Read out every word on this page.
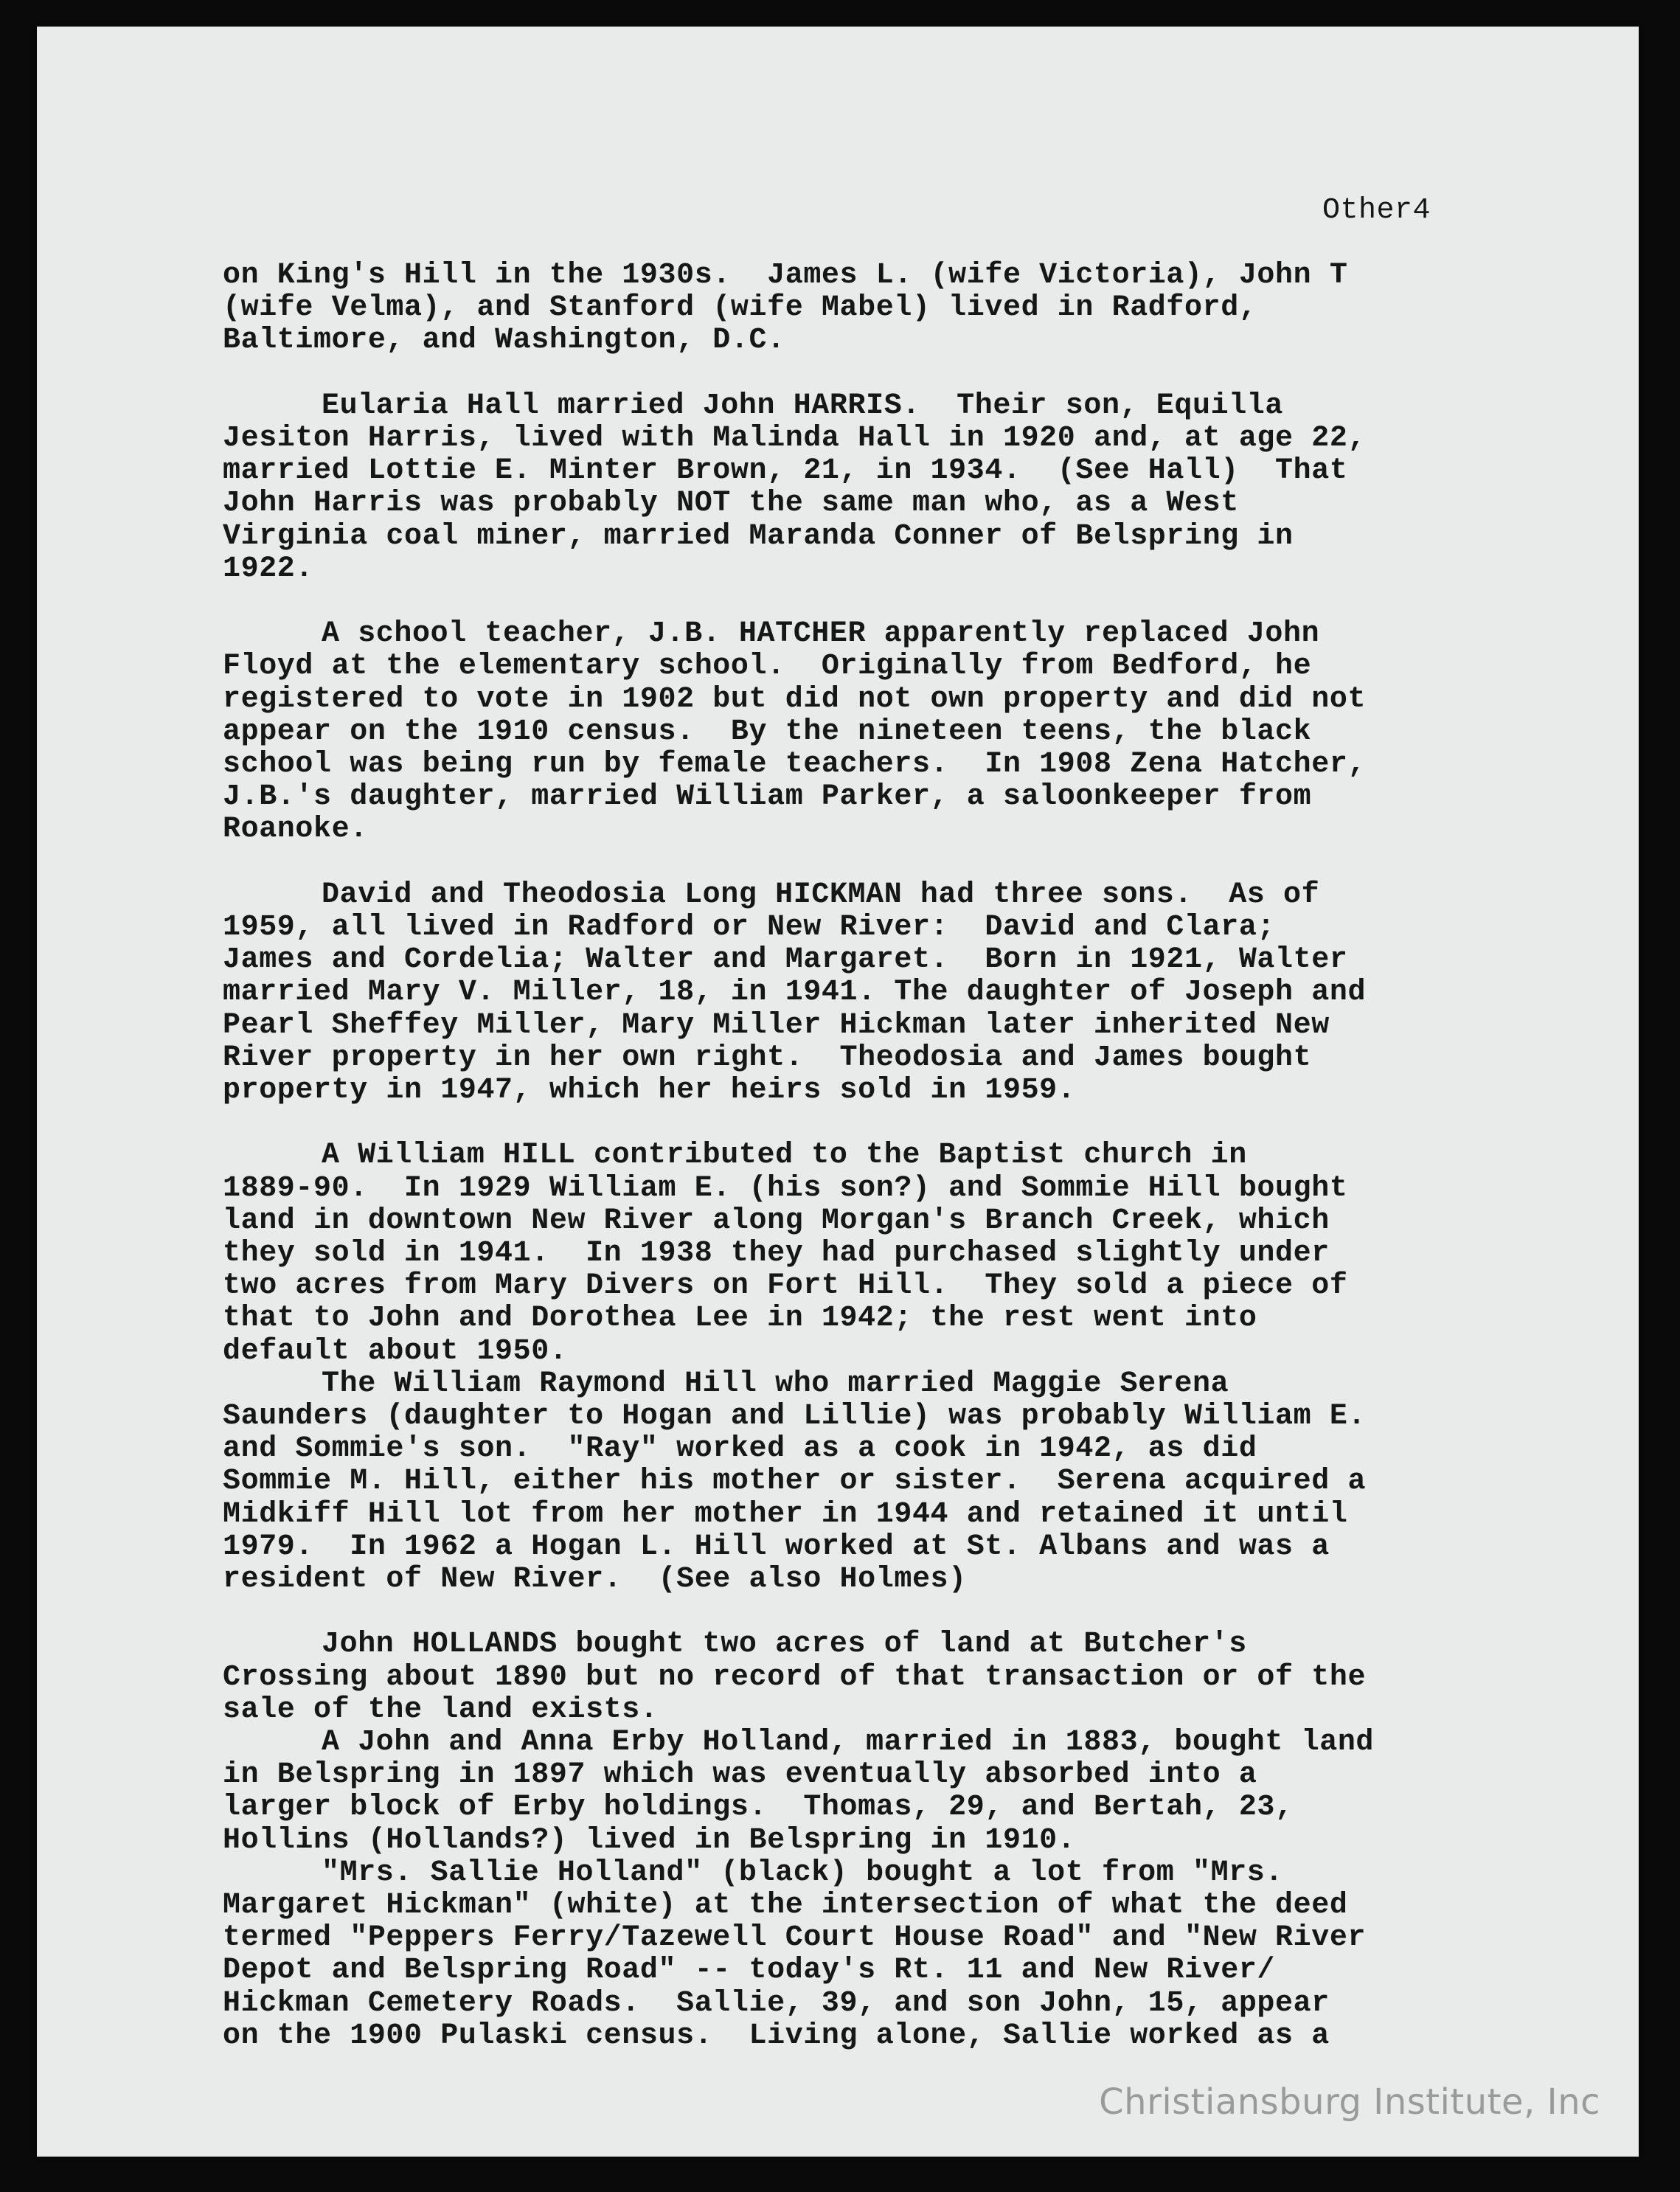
Other4
on King's Hill in the 1930s.  James L. (wife Victoria), John T
(wife Velma), and Stanford (wife Mabel) lived in Radford,
Baltimore, and Washington, D.C.
Eularia Hall married John HARRIS.  Their son, Equilla
Jesiton Harris, lived with Malinda Hall in 1920 and, at age 22,
married Lottie E. Minter Brown, 21, in 1934.  (See Hall)  That
John Harris was probably NOT the same man who, as a West
Virginia coal miner, married Maranda Conner of Belspring in
1922.
A school teacher, J.B. HATCHER apparently replaced John
Floyd at the elementary school.  Originally from Bedford, he
registered to vote in 1902 but did not own property and did not
appear on the 1910 census.  By the nineteen teens, the black
school was being run by female teachers.  In 1908 Zena Hatcher,
J.B.'s daughter, married William Parker, a saloonkeeper from
Roanoke.
David and Theodosia Long HICKMAN had three sons.  As of
1959, all lived in Radford or New River:  David and Clara;
James and Cordelia; Walter and Margaret.  Born in 1921, Walter
married Mary V. Miller, 18, in 1941. The daughter of Joseph and
Pearl Sheffey Miller, Mary Miller Hickman later inherited New
River property in her own right.  Theodosia and James bought
property in 1947, which her heirs sold in 1959.
A William HILL contributed to the Baptist church in
1889-90.  In 1929 William E. (his son?) and Sommie Hill bought
land in downtown New River along Morgan's Branch Creek, which
they sold in 1941.  In 1938 they had purchased slightly under
two acres from Mary Divers on Fort Hill.  They sold a piece of
that to John and Dorothea Lee in 1942; the rest went into
default about 1950.
The William Raymond Hill who married Maggie Serena
Saunders (daughter to Hogan and Lillie) was probably William E.
and Sommie's son.  "Ray" worked as a cook in 1942, as did
Sommie M. Hill, either his mother or sister.  Serena acquired a
Midkiff Hill lot from her mother in 1944 and retained it until
1979.  In 1962 a Hogan L. Hill worked at St. Albans and was a
resident of New River.  (See also Holmes)
John HOLLANDS bought two acres of land at Butcher's
Crossing about 1890 but no record of that transaction or of the
sale of the land exists.
A John and Anna Erby Holland, married in 1883, bought land
in Belspring in 1897 which was eventually absorbed into a
larger block of Erby holdings.  Thomas, 29, and Bertah, 23,
Hollins (Hollands?) lived in Belspring in 1910.
"Mrs. Sallie Holland" (black) bought a lot from "Mrs.
Margaret Hickman" (white) at the intersection of what the deed
termed "Peppers Ferry/Tazewell Court House Road" and "New River
Depot and Belspring Road" -- today's Rt. 11 and New River/
Hickman Cemetery Roads.  Sallie, 39, and son John, 15, appear
on the 1900 Pulaski census.  Living alone, Sallie worked as a
Christiansburg Institute, Inc
